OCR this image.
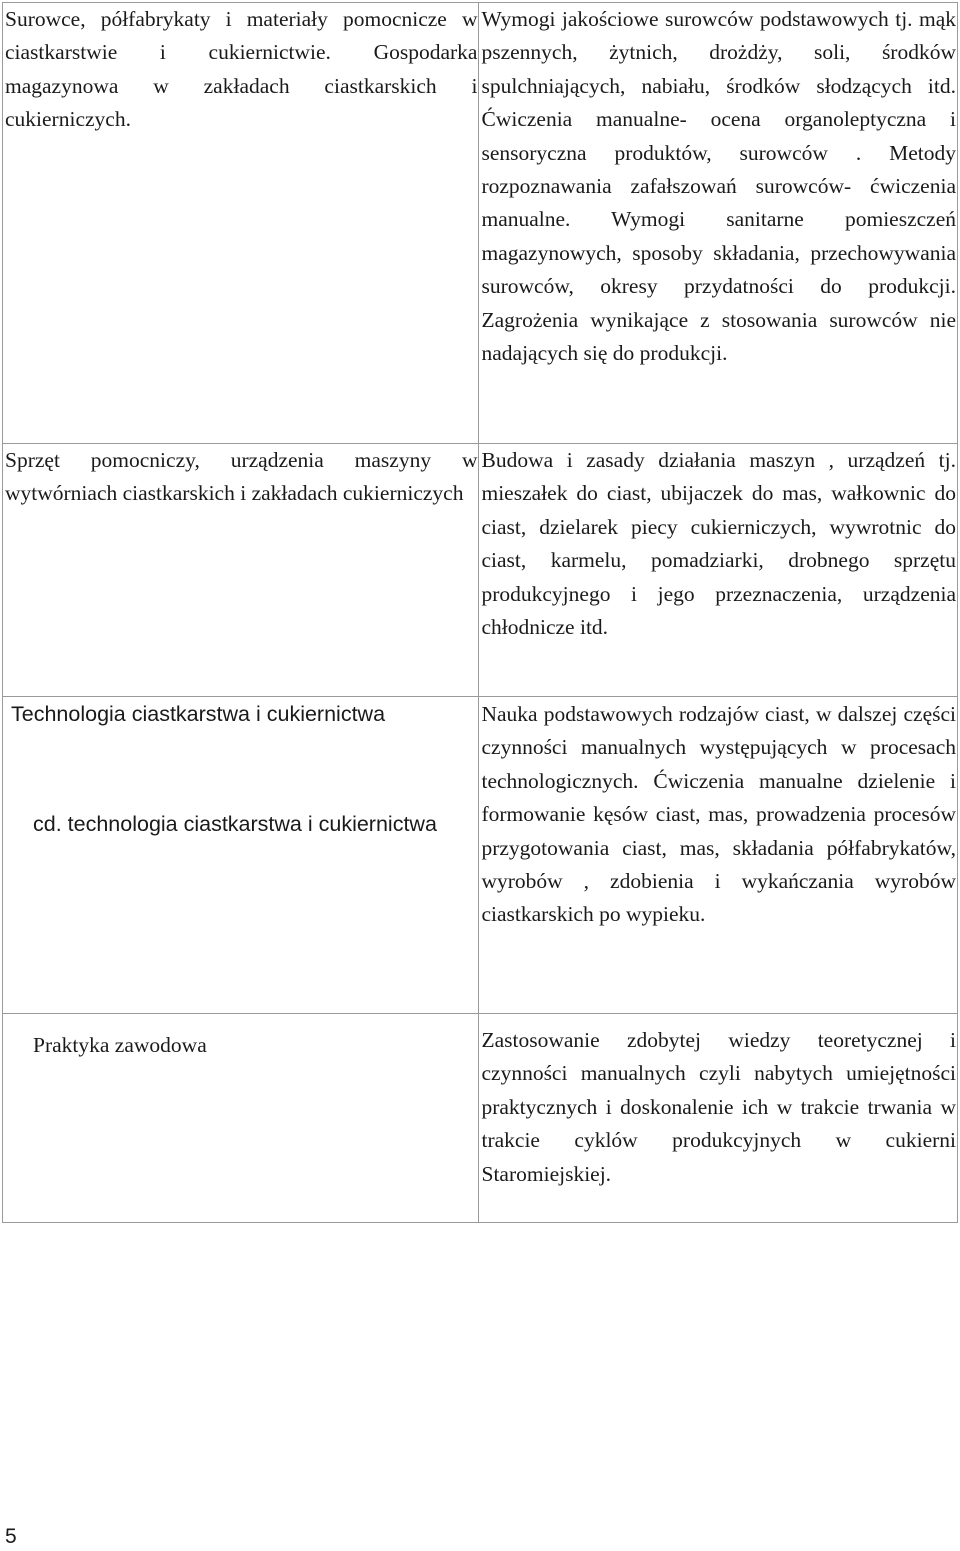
Surowce, półfabrykaty i materiały pomocnicze w ciastkarstwie i cukiernictwie. Gospodarka magazynowa w zakładach ciastkarskich i cukierniczych.	Wymogi jakościowe surowców podstawowych tj. mąk pszennych, żytnich, drożdży, soli, środków spulchniających, nabiału, środków słodzących itd. Ćwiczenia manualne- ocena organoleptyczna i sensoryczna produktów, surowców . Metody rozpoznawania zafałszowań surowców- ćwiczenia manualne. Wymogi sanitarne pomieszczeń magazynowych, sposoby składania, przechowywania surowców, okresy przydatności do produkcji. Zagrożenia wynikające z stosowania surowców nie nadających się do produkcji.
Sprzęt pomocniczy, urządzenia maszyny w wytwórniach ciastkarskich i zakładach cukierniczych	Budowa i zasady działania maszyn , urządzeń tj. mieszałek do ciast, ubijaczek do mas, wałkownic do ciast, dzielarek piecy cukierniczych, wywrotnic do ciast, karmelu, pomadziarki, drobnego sprzętu produkcyjnego i jego przeznaczenia, urządzenia chłodnicze itd.

Technologia ciastkarstwa i cukiernictwa
cd. technologia ciastkarstwa i cukiernictwa	Nauka podstawowych rodzajów ciast, w dalszej części czynności manualnych występujących w procesach technologicznych. Ćwiczenia manualne dzielenie i formowanie kęsów ciast, mas, prowadzenia procesów przygotowania ciast, mas, składania półfabrykatów, wyrobów , zdobienia i wykańczania wyrobów ciastkarskich po wypieku.

Praktyka zawodowa	Zastosowanie zdobytej wiedzy teoretycznej i czynności manualnych czyli nabytych umiejętności praktycznych i doskonalenie ich w trakcie trwania w trakcie cyklów produkcyjnych w cukierni Staromiejskiej.
5
